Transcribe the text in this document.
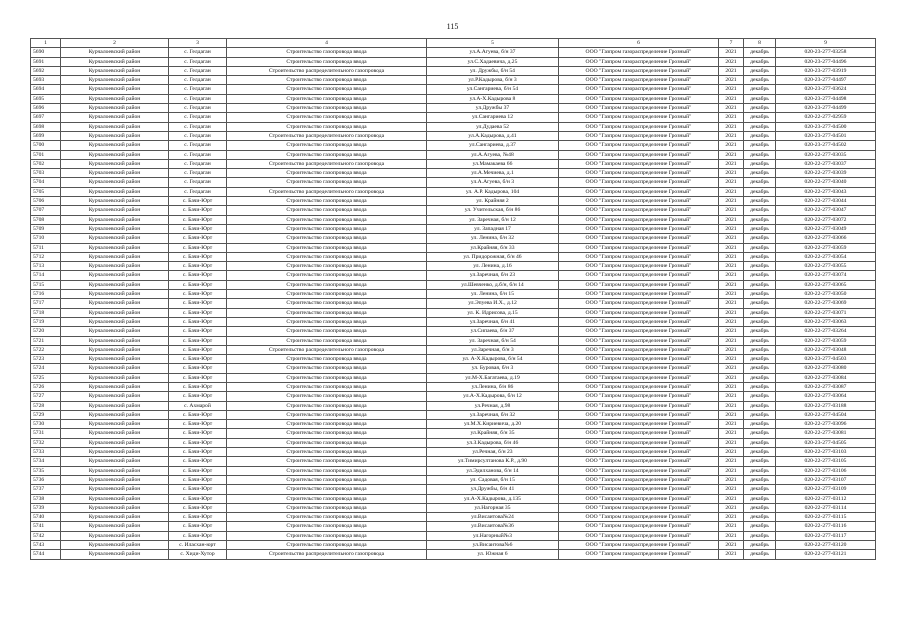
115
1	2	3	4	5	6	7	8	9
5690	Курчалоевский район	с. Гелдаган	Строительство газопровода ввода	ул.А.Агуева, б/н 37	ООО "Газпром газораспределение Грозный"	2021	декабрь	020-23-277-03258
5691	Курчалоевский район	с. Гелдаган	Строительство газопровода ввода	ул.С.Хадаевича, д.25	ООО "Газпром газораспределение Грозный"	2021	декабрь	020-23-277-04496
5692	Курчалоевский район	с. Гелдаган	Строительство распределительного газопровода	ул. Дружбы, б/н 54	ООО "Газпром газораспределение Грозный"	2021	декабрь	020-23-277-03919
5693	Курчалоевский район	с. Гелдаган	Строительство газопровода ввода	ул.Р.Кадырова, б/н 3	ООО "Газпром газораспределение Грозный"	2021	декабрь	020-23-277-04497
5694	Курчалоевский район	с. Гелдаган	Строительство газопровода ввода	ул.Сангариева, б/н 54	ООО "Газпром газораспределение Грозный"	2021	декабрь	020-23-277-03624
5695	Курчалоевский район	с. Гелдаган	Строительство газопровода ввода	ул.А-Х.Кадырова 8	ООО "Газпром газораспределение Грозный"	2021	декабрь	020-23-277-04498
5696	Курчалоевский район	с. Гелдаган	Строительство газопровода ввода	ул.Дружбы 37	ООО "Газпром газораспределение Грозный"	2021	декабрь	020-23-277-04499
5697	Курчалоевский район	с. Гелдаган	Строительство газопровода ввода	ул.Сангариева 12	ООО "Газпром газораспределение Грозный"	2021	декабрь	020-22-277-02959
5698	Курчалоевский район	с. Гелдаган	Строительство газопровода ввода	ул.Дудаева 52	ООО "Газпром газораспределение Грозный"	2021	декабрь	020-23-277-04500
5699	Курчалоевский район	с. Гелдаган	Строительство распределительного газопровода	ул.А.Кадырова, д.41	ООО "Газпром газораспределение Грозный"	2021	декабрь	020-23-277-04501
5700	Курчалоевский район	с. Гелдаган	Строительство газопровода ввода	ул.Сангариева, д.37	ООО "Газпром газораспределение Грозный"	2021	декабрь	020-23-277-04502
5701	Курчалоевский район	с. Гелдаган	Строительство газопровода ввода	ул.А.Агуева, №48	ООО "Газпром газораспределение Грозный"	2021	декабрь	020-22-277-03035
5702	Курчалоевский район	с. Гелдаган	Строительство распределительного газопровода	ул.Мамакаева 66	ООО "Газпром газораспределение Грозный"	2021	декабрь	020-22-277-03037
5703	Курчалоевский район	с. Гелдаган	Строительство газопровода ввода	ул.А.Мечиева, д.1	ООО "Газпром газораспределение Грозный"	2021	декабрь	020-22-277-03039
5704	Курчалоевский район	с. Гелдаган	Строительство газопровода ввода	ул.А.Агуева, б/н 3	ООО "Газпром газораспределение Грозный"	2021	декабрь	020-22-277-03040
5705	Курчалоевский район	с. Гелдаган	Строительство распределительного газопровода	ул. А.Р. Кадырова, 104	ООО "Газпром газораспределение Грозный"	2021	декабрь	020-22-277-03043
5706	Курчалоевский район	с. Бачи-Юрт	Строительство газопровода ввода	ул. Крайняя 2	ООО "Газпром газораспределение Грозный"	2021	декабрь	020-22-277-03044
5707	Курчалоевский район	с. Бачи-Юрт	Строительство газопровода ввода	ул. Учительская, б/н 86	ООО "Газпром газораспределение Грозный"	2021	декабрь	020-22-277-03047
5708	Курчалоевский район	с. Бачи-Юрт	Строительство газопровода ввода	ул. Заречная, б/н 12	ООО "Газпром газораспределение Грозный"	2021	декабрь	020-22-277-03072
5709	Курчалоевский район	с. Бачи-Юрт	Строительство газопровода ввода	ул. Западная 17	ООО "Газпром газораспределение Грозный"	2021	декабрь	020-22-277-03049
5710	Курчалоевский район	с. Бачи-Юрт	Строительство газопровода ввода	ул. Ленина, б/н 32	ООО "Газпром газораспределение Грозный"	2021	декабрь	020-22-277-03066
5711	Курчалоевский район	с. Бачи-Юрт	Строительство газопровода ввода	ул.Крайняя, б/н 33	ООО "Газпром газораспределение Грозный"	2021	декабрь	020-22-277-03059
5712	Курчалоевский район	с. Бачи-Юрт	Строительство газопровода ввода	ул. Придорожная, б/н 46	ООО "Газпром газораспределение Грозный"	2021	декабрь	020-22-277-03054
5713	Курчалоевский район	с. Бачи-Юрт	Строительство газопровода ввода	ул. Ленина, д.16	ООО "Газпром газораспределение Грозный"	2021	декабрь	020-22-277-03055
5714	Курчалоевский район	с. Бачи-Юрт	Строительство газопровода ввода	ул.Заречная, б/н 23	ООО "Газпром газораспределение Грозный"	2021	декабрь	020-22-277-03074
5715	Курчалоевский район	с. Бачи-Юрт	Строительство газопровода ввода	ул.Шевченко, д.б/н, б/н 14	ООО "Газпром газораспределение Грозный"	2021	декабрь	020-22-277-03065
5716	Курчалоевский район	с. Бачи-Юрт	Строительство газопровода ввода	ул. Ленина, б/н 15	ООО "Газпром газораспределение Грозный"	2021	декабрь	020-22-277-03050
5717	Курчалоевский район	с. Бачи-Юрт	Строительство газопровода ввода	ул.Эпуева И.Х., д.12	ООО "Газпром газораспределение Грозный"	2021	декабрь	020-22-277-03069
5718	Курчалоевский район	с. Бачи-Юрт	Строительство газопровода ввода	ул. К. Идрисова, д.15	ООО "Газпром газораспределение Грозный"	2021	декабрь	020-22-277-03071
5719	Курчалоевский район	с. Бачи-Юрт	Строительство газопровода ввода	ул.Заречная, б/н 41	ООО "Газпром газораспределение Грозный"	2021	декабрь	020-22-277-03063
5720	Курчалоевский район	с. Бачи-Юрт	Строительство газопровода ввода	ул.Сипаева, б/н 37	ООО "Газпром газораспределение Грозный"	2021	декабрь	020-22-277-03264
5721	Курчалоевский район	с. Бачи-Юрт	Строительство газопровода ввода	ул. Заречная, б/н 54	ООО "Газпром газораспределение Грозный"	2021	декабрь	020-22-277-03059
5722	Курчалоевский район	с. Бачи-Юрт	Строительство распределительного газопровода	ул.Заречная, б/н 3	ООО "Газпром газораспределение Грозный"	2021	декабрь	020-22-277-03048
5723	Курчалоевский район	с. Бачи-Юрт	Строительство газопровода ввода	ул. А-Х.Кадырова, б/н 54	ООО "Газпром газораспределение Грозный"	2021	декабрь	020-23-277-04503
5724	Курчалоевский район	с. Бачи-Юрт	Строительство газопровода ввода	ул. Буровая, б/н 3	ООО "Газпром газораспределение Грозный"	2021	декабрь	020-22-277-03080
5725	Курчалоевский район	с. Бачи-Юрт	Строительство газопровода ввода	ул.М-Х.Багатаева, д.19	ООО "Газпром газораспределение Грозный"	2021	декабрь	020-22-277-03084
5726	Курчалоевский район	с. Бачи-Юрт	Строительство газопровода ввода	ул.Ленина, б/н 86	ООО "Газпром газораспределение Грозный"	2021	декабрь	020-22-277-03087
5727	Курчалоевский район	с. Бачи-Юрт	Строительство газопровода ввода	ул.А-Х.Кадырова, б/н 12	ООО "Газпром газораспределение Грозный"	2021	декабрь	020-22-277-03064
5728	Курчалоевский район	с. Ахмарой	Строительство газопровода ввода	ул.Речная, д.98	ООО "Газпром газораспределение Грозный"	2021	декабрь	020-22-277-03188
5729	Курчалоевский район	с. Бачи-Юрт	Строительство газопровода ввода	ул.Заречная, б/н 32	ООО "Газпром газораспределение Грозный"	2021	декабрь	020-22-277-04504
5730	Курчалоевский район	с. Бачи-Юрт	Строительство газопровода ввода	ул.М.Х.Кириевича, д.20	ООО "Газпром газораспределение Грозный"	2021	декабрь	020-22-277-03096
5731	Курчалоевский район	с. Бачи-Юрт	Строительство газопровода ввода	ул.Крайняя, б/н 35	ООО "Газпром газораспределение Грозный"	2021	декабрь	020-22-277-03081
5732	Курчалоевский район	с. Бачи-Юрт	Строительство газопровода ввода	ул.З.Кадырова, б/н 46	ООО "Газпром газораспределение Грозный"	2021	декабрь	020-23-277-04505
5733	Курчалоевский район	с. Бачи-Юрт	Строительство газопровода ввода	ул.Речная, б/н 23	ООО "Газпром газораспределение Грозный"	2021	декабрь	020-22-277-03103
5734	Курчалоевский район	с. Бачи-Юрт	Строительство газопровода ввода	ул.Тимирсултанова К.Р., д.90	ООО "Газпром газораспределение Грозный"	2021	декабрь	020-22-277-03105
5735	Курчалоевский район	с. Бачи-Юрт	Строительство газопровода ввода	ул.Эдилханова, б/н 14	ООО "Газпром газораспределение Грозный"	2021	декабрь	020-22-277-03106
5736	Курчалоевский район	с. Бачи-Юрт	Строительство газопровода ввода	ул. Садовая, б/н 15	ООО "Газпром газораспределение Грозный"	2021	декабрь	020-22-277-03107
5737	Курчалоевский район	с. Бачи-Юрт	Строительство газопровода ввода	ул.Дружбы, б/н 41	ООО "Газпром газораспределение Грозный"	2021	декабрь	020-22-277-03109
5738	Курчалоевский район	с. Бачи-Юрт	Строительство газопровода ввода	ул.А-Х.Кадырова, д.135	ООО "Газпром газораспределение Грозный"	2021	декабрь	020-22-277-03112
5739	Курчалоевский район	с. Бачи-Юрт	Строительство газопровода ввода	ул.Нагорная 35	ООО "Газпром газораспределение Грозный"	2021	декабрь	020-22-277-03114
5740	Курчалоевский район	с. Бачи-Юрт	Строительство газопровода ввода	ул.Висаитова№24	ООО "Газпром газораспределение Грозный"	2021	декабрь	020-22-277-03115
5741	Курчалоевский район	с. Бачи-Юрт	Строительство газопровода ввода	ул.Висаитова№36	ООО "Газпром газораспределение Грозный"	2021	декабрь	020-22-277-03116
5742	Курчалоевский район	с. Бачи-Юрт	Строительство газопровода ввода	ул.Нагорный№3	ООО "Газпром газораспределение Грозный"	2021	декабрь	020-22-277-03117
5743	Курчалоевский район	с. Иласхан-юрт	Строительство газопровода ввода	ул.Висаитова№6	ООО "Газпром газораспределение Грозный"	2021	декабрь	020-22-277-03120
5744	Курчалоевский район	с. Хиди-Хутор	Строительство распределительного газопровода	ул. Южная 6	ООО "Газпром газораспределение Грозный"	2021	декабрь	020-22-277-03121
